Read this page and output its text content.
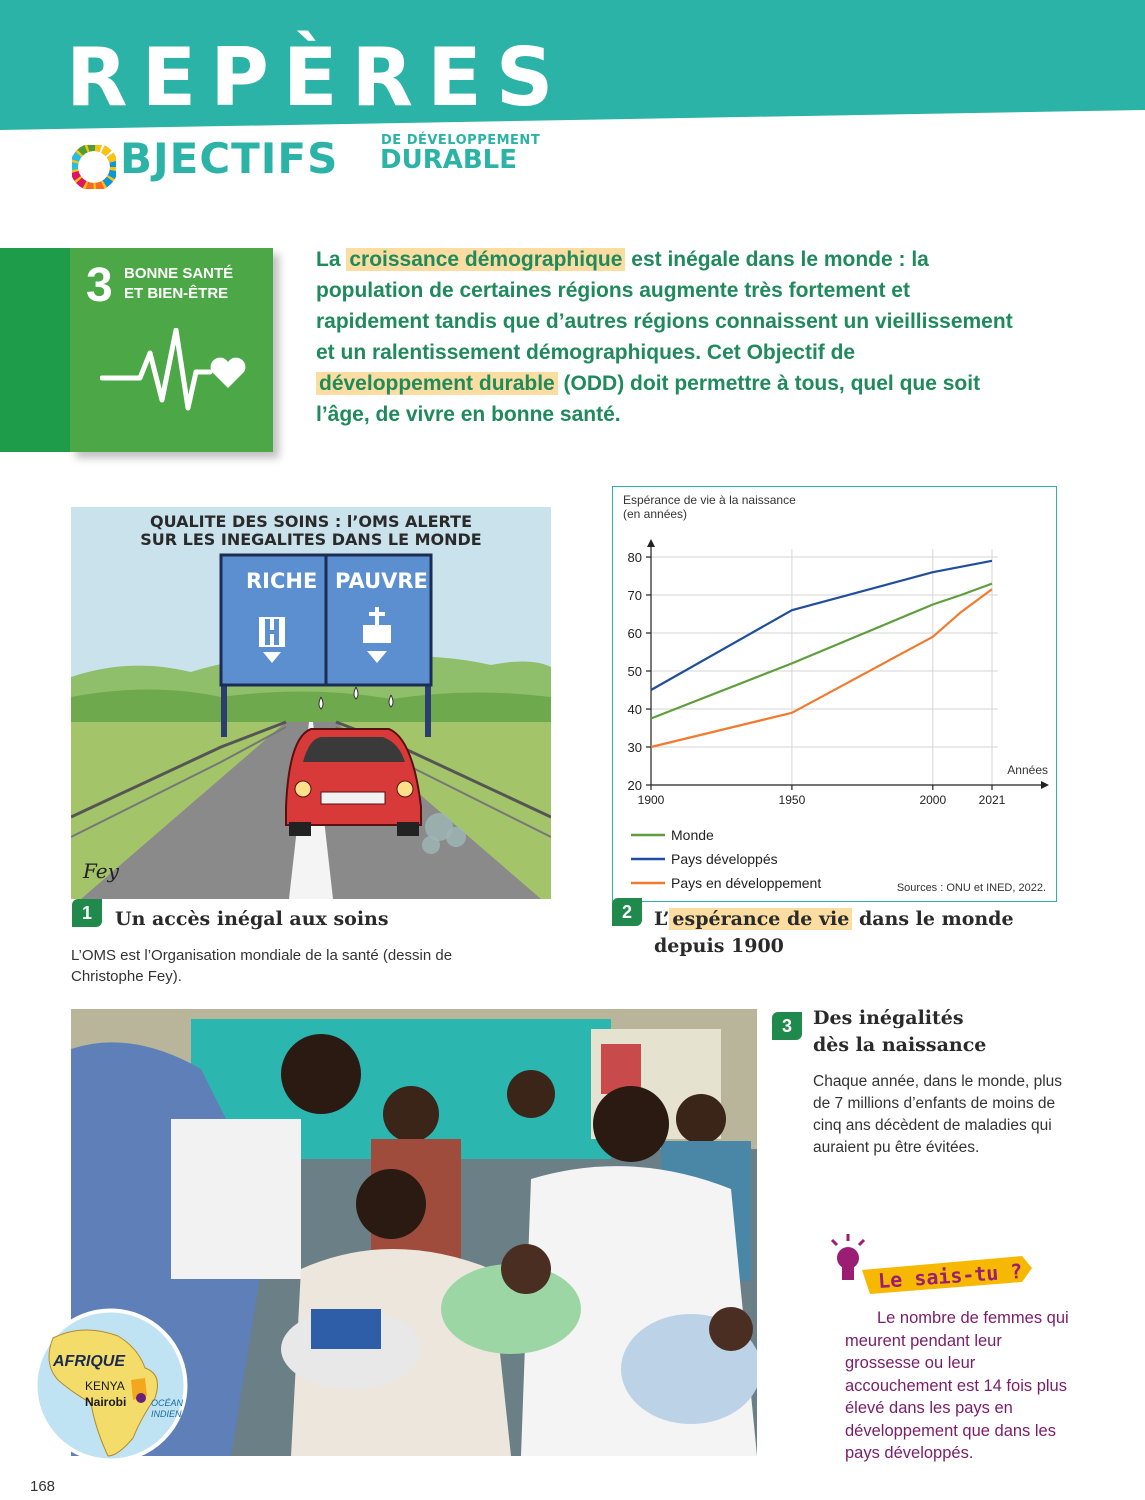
REPÈRES
BJECTIFS	DE DÉVELOPPEMENT
DURABLE
3 BONNE SANTÉ
ET BIEN-ÊTRE
La croissance démographique est inégale dans le monde : la population de certaines régions augmente très fortement et rapidement tandis que d’autres régions connaissent un vieillissement et un ralentissement démographiques. Cet Objectif de développement durable (ODD) doit permettre à tous, quel que soit l’âge, de vivre en bonne santé.
QUALITE DES SOINS : l’OMS ALERTE
SUR LES INEGALITES DANS LE MONDE
RICHE PAUVRE
Fey
1	Un accès inégal aux soins
L’OMS est l’Organisation mondiale de la santé (dessin de Christophe Fey).
20
30
40
50
60
70
80
1900	1950	2000	2021
Monde
Pays développés
Pays en développement
Espérance de vie à la naissance
(en années)
Années
Sources : ONU et INED, 2022.
2	L’ espérance de vie dans le monde depuis 1900
AFRIQUE
KENYA
Nairobi	OCÉAN
INDIEN
3	Des inégalités
dès la naissance
Chaque année, dans le monde, plus de 7 millions d’enfants de moins de cinq ans décèdent de maladies qui auraient pu être évitées.
Le sais-tu ?
Le nombre de femmes qui meurent pendant leur grossesse ou leur accouchement est 14 fois plus élevé dans les pays en développement que dans les pays développés.
168
